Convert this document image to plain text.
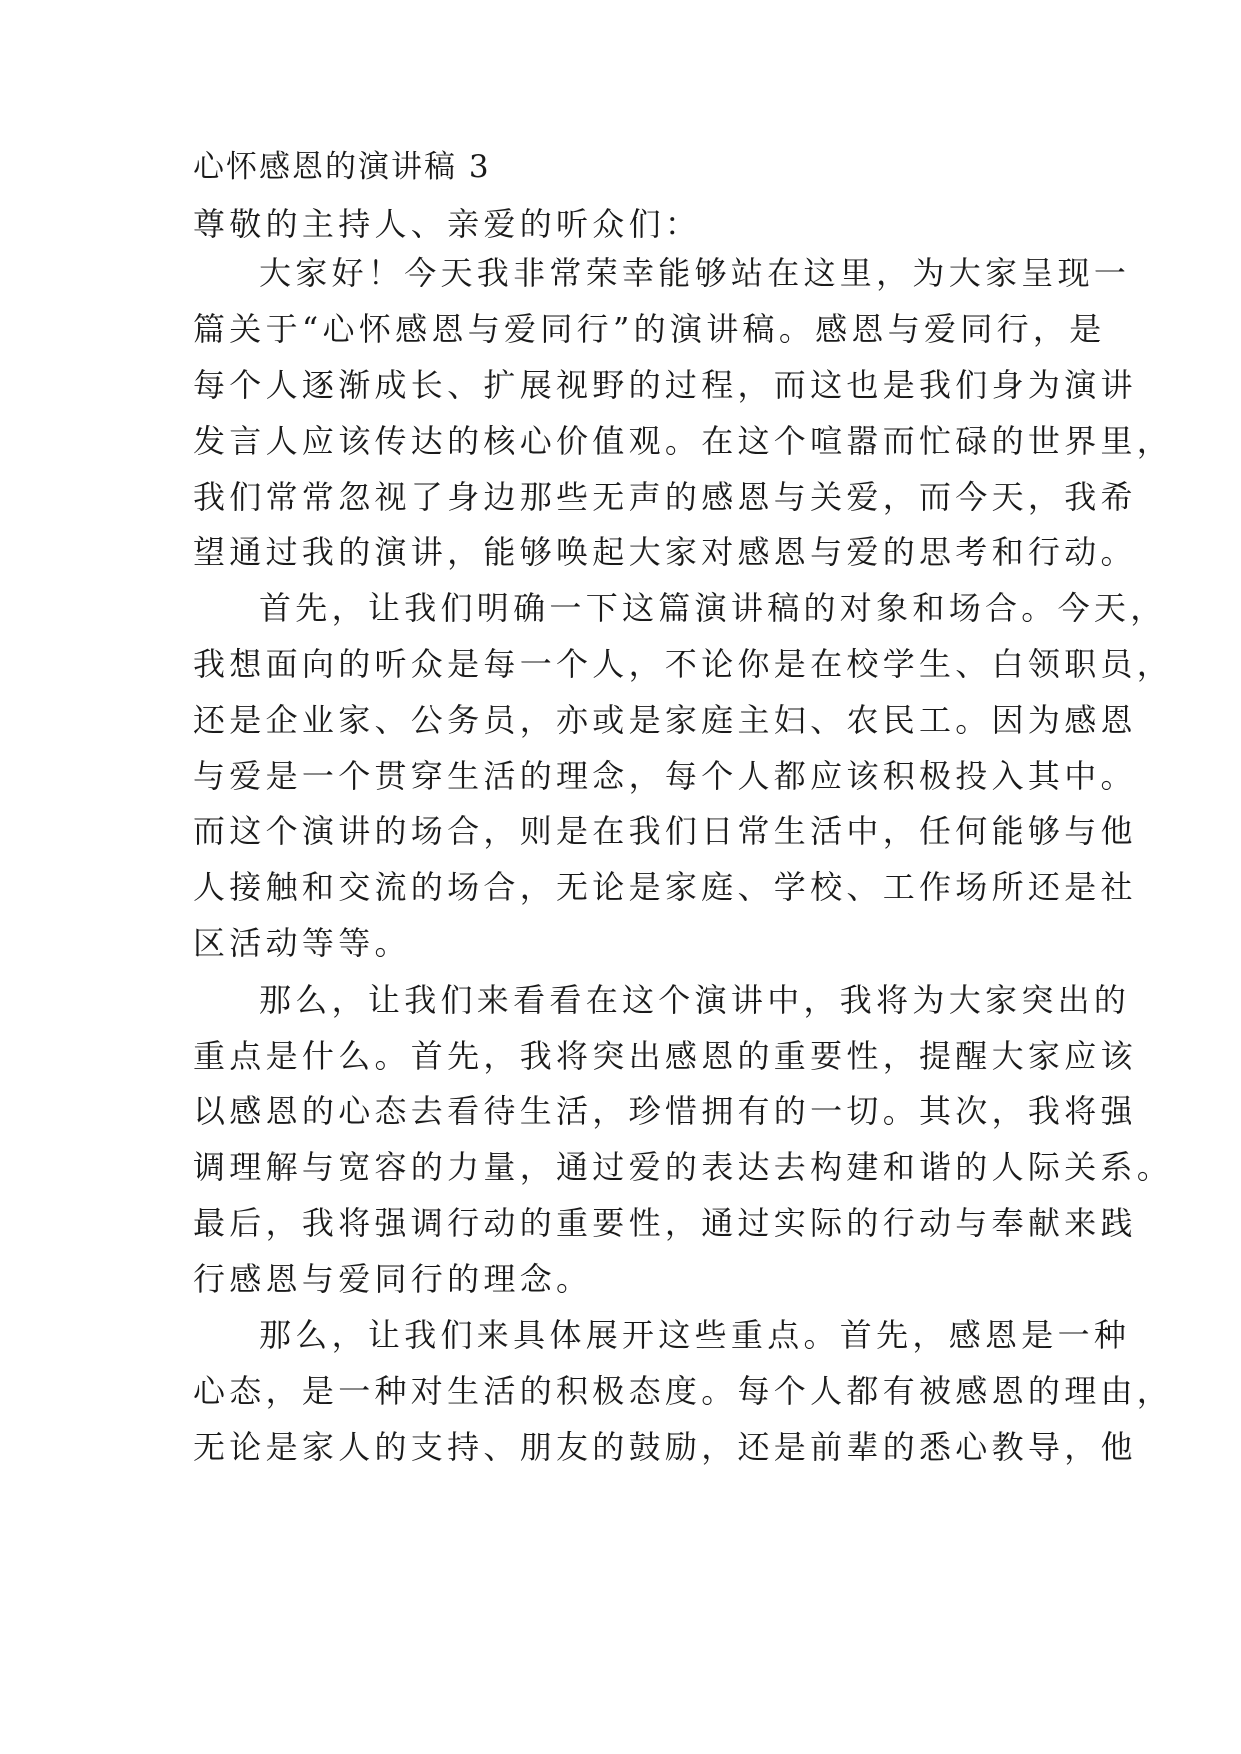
心怀感恩的演讲稿 3
尊敬的主持人、亲爱的听众们：
大家好！今天我非常荣幸能够站在这里，为大家呈现一
篇关于“心怀感恩与爱同行”的演讲稿。感恩与爱同行，是
每个人逐渐成长、扩展视野的过程，而这也是我们身为演讲
发言人应该传达的核心价值观。在这个喧嚣而忙碌的世界里，
我们常常忽视了身边那些无声的感恩与关爱，而今天，我希
望通过我的演讲，能够唤起大家对感恩与爱的思考和行动。
首先，让我们明确一下这篇演讲稿的对象和场合。今天，
我想面向的听众是每一个人，不论你是在校学生、白领职员，
还是企业家、公务员，亦或是家庭主妇、农民工。因为感恩
与爱是一个贯穿生活的理念，每个人都应该积极投入其中。
而这个演讲的场合，则是在我们日常生活中，任何能够与他
人接触和交流的场合，无论是家庭、学校、工作场所还是社
区活动等等。
那么，让我们来看看在这个演讲中，我将为大家突出的
重点是什么。首先，我将突出感恩的重要性，提醒大家应该
以感恩的心态去看待生活，珍惜拥有的一切。其次，我将强
调理解与宽容的力量，通过爱的表达去构建和谐的人际关系。
最后，我将强调行动的重要性，通过实际的行动与奉献来践
行感恩与爱同行的理念。
那么，让我们来具体展开这些重点。首先，感恩是一种
心态，是一种对生活的积极态度。每个人都有被感恩的理由，
无论是家人的支持、朋友的鼓励，还是前辈的悉心教导，他
